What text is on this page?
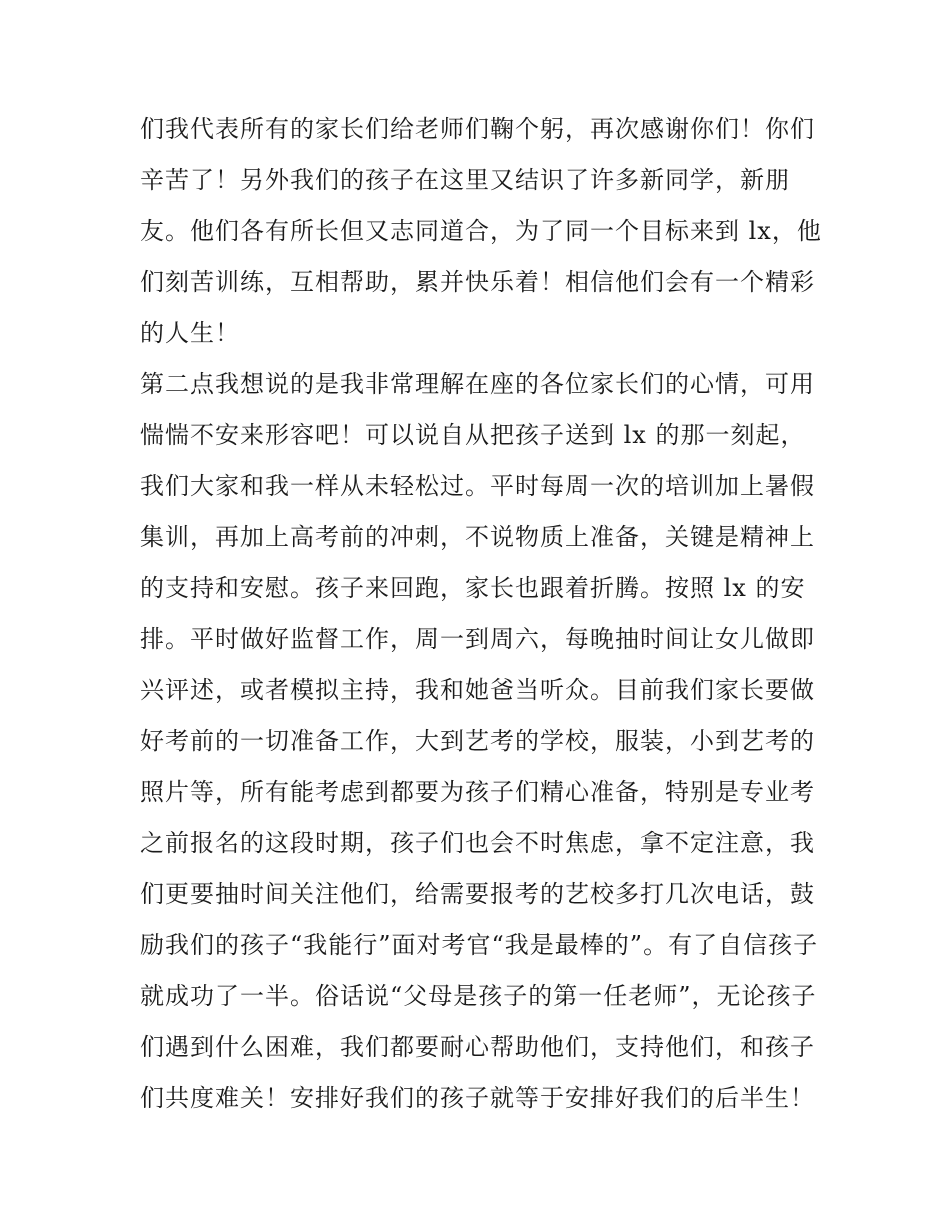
们我代表所有的家长们给老师们鞠个躬，再次感谢你们！你们
辛苦了！另外我们的孩子在这里又结识了许多新同学，新朋
友。他们各有所长但又志同道合，为了同一个目标来到 lx，他
们刻苦训练，互相帮助，累并快乐着！相信他们会有一个精彩
的人生！
第二点我想说的是我非常理解在座的各位家长们的心情，可用
惴惴不安来形容吧！可以说自从把孩子送到 lx 的那一刻起，
我们大家和我一样从未轻松过。平时每周一次的培训加上暑假
集训，再加上高考前的冲刺，不说物质上准备，关键是精神上
的支持和安慰。孩子来回跑，家长也跟着折腾。按照 lx 的安
排。平时做好监督工作，周一到周六，每晚抽时间让女儿做即
兴评述，或者模拟主持，我和她爸当听众。目前我们家长要做
好考前的一切准备工作，大到艺考的学校，服装，小到艺考的
照片等，所有能考虑到都要为孩子们精心准备，特别是专业考
之前报名的这段时期，孩子们也会不时焦虑，拿不定注意，我
们更要抽时间关注他们，给需要报考的艺校多打几次电话，鼓
励我们的孩子“我能行”面对考官“我是最棒的”。有了自信孩子
就成功了一半。俗话说“父母是孩子的第一任老师”，无论孩子
们遇到什么困难，我们都要耐心帮助他们，支持他们，和孩子
们共度难关！安排好我们的孩子就等于安排好我们的后半生！
